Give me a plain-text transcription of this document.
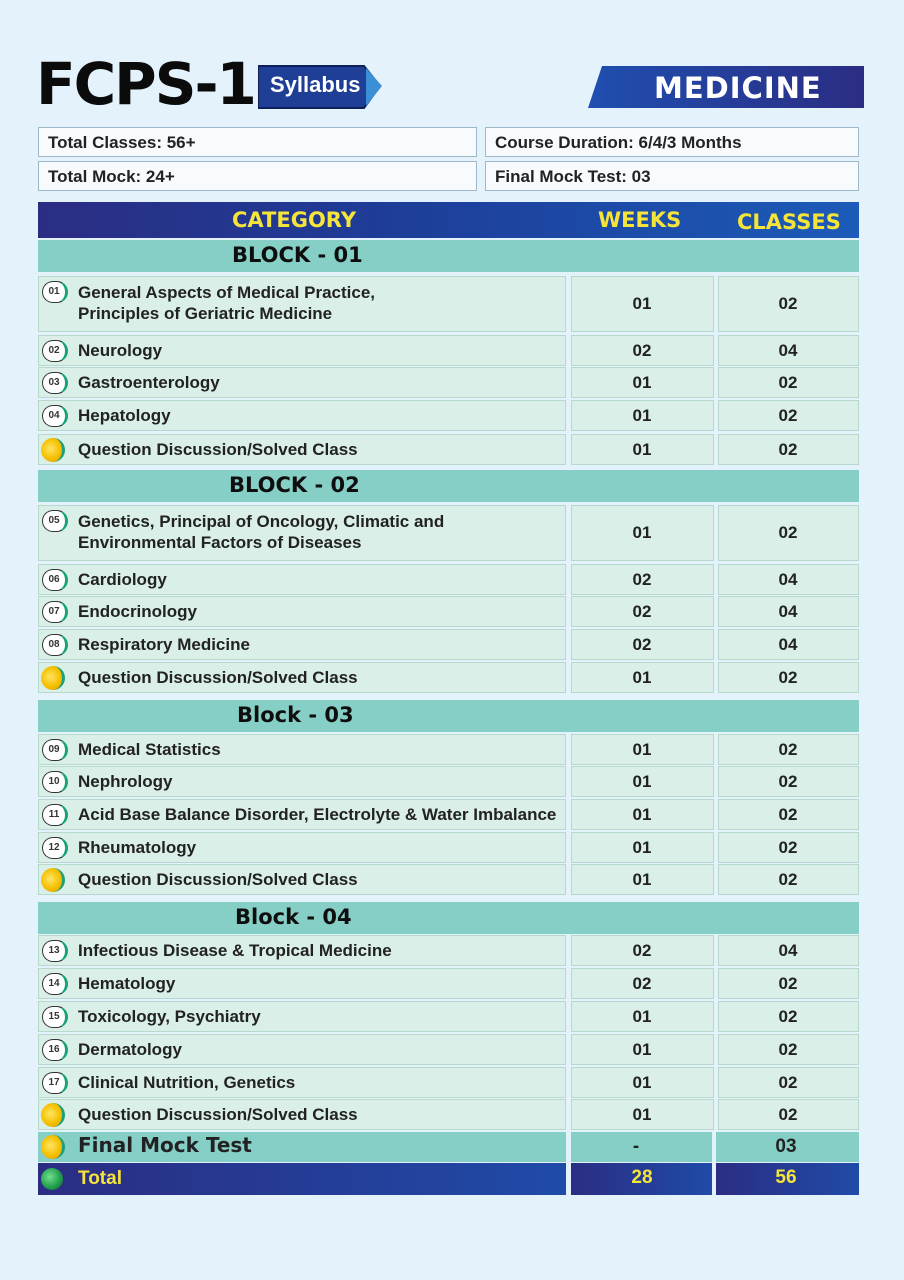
FCPS-1 Syllabus	MEDICINE
Total Classes: 56+	Course Duration: 6/4/3 Months
Total Mock: 24+	Final Mock Test: 03
CATEGORY	WEEKS	CLASSES
BLOCK - 01
01	General Aspects of Medical Practice,
Principles of Geriatric Medicine
01	02
02	Neurology	02	04
03	Gastroenterology	01	02
04	Hepatology	01	02
Question Discussion/Solved Class	01	02
BLOCK - 02
05	Genetics, Principal of Oncology, Climatic and
Environmental Factors of Diseases
01	02
06	Cardiology	02	04
07	Endocrinology	02	04
08	Respiratory Medicine	02	04
Question Discussion/Solved Class	01	02
Block - 03
09	Medical Statistics	01	02
10	Nephrology	01	02
11	Acid Base Balance Disorder, Electrolyte & Water Imbalance	01	02
12	Rheumatology	01	02
Question Discussion/Solved Class	01	02
Block - 04
13	Infectious Disease & Tropical Medicine	02	04
14	Hematology	02	02
15	Toxicology, Psychiatry	01	02
16	Dermatology	01	02
17	Clinical Nutrition, Genetics	01	02
Question Discussion/Solved Class	01	02
Final Mock Test	-	03
Total	28	56
